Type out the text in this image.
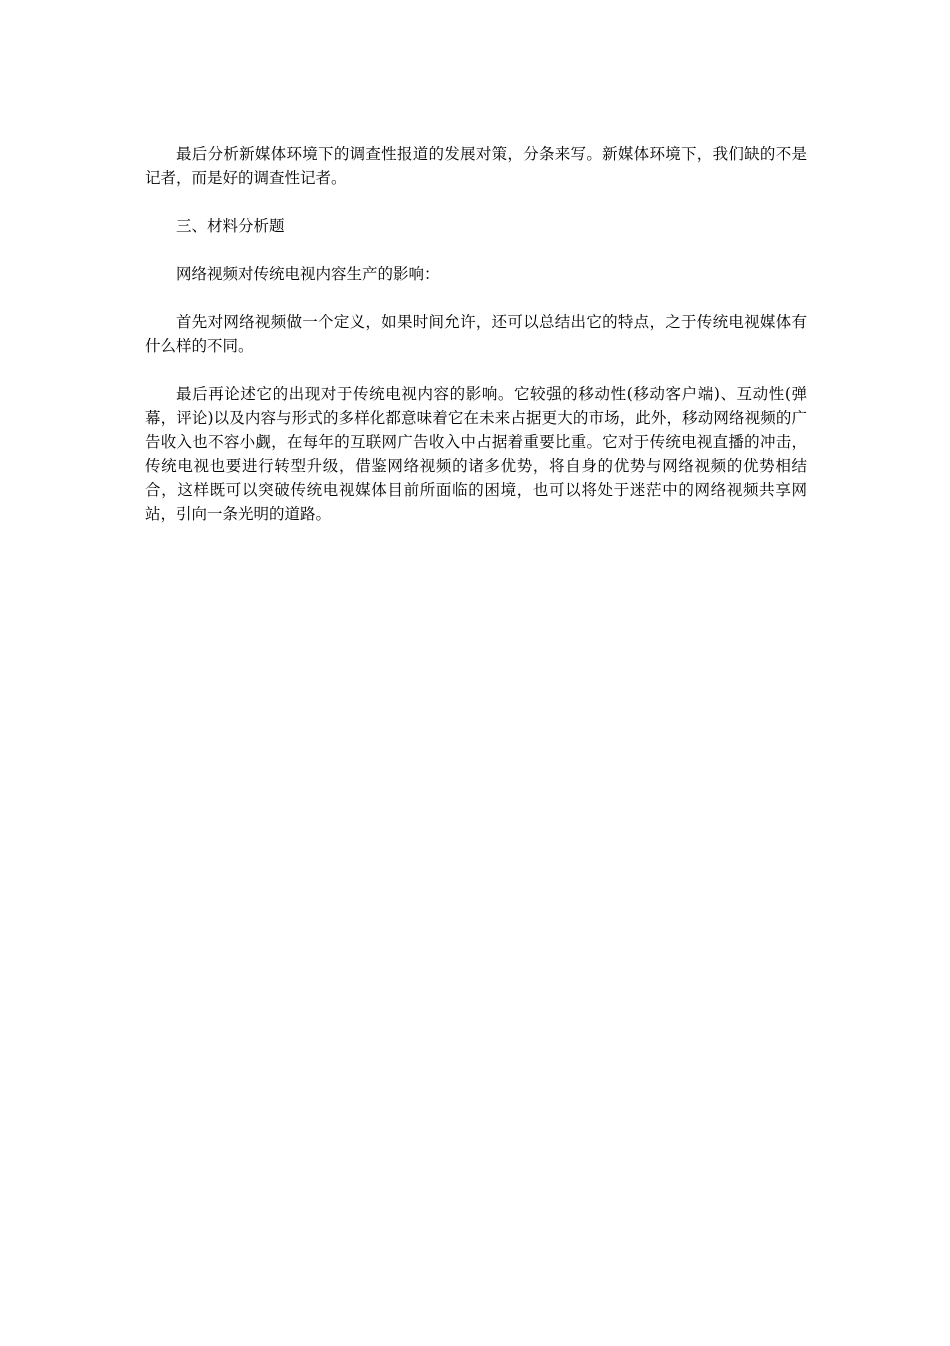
最后分析新媒体环境下的调查性报道的发展对策，分条来写。新媒体环境下，我们缺的不是记者，而是好的调查性记者。

三、材料分析题

网络视频对传统电视内容生产的影响：

首先对网络视频做一个定义，如果时间允许，还可以总结出它的特点，之于传统电视媒体有什么样的不同。

最后再论述它的出现对于传统电视内容的影响。它较强的移动性(移动客户端)、互动性(弹幕，评论)以及内容与形式的多样化都意味着它在未来占据更大的市场，此外，移动网络视频的广告收入也不容小觑，在每年的互联网广告收入中占据着重要比重。它对于传统电视直播的冲击，传统电视也要进行转型升级，借鉴网络视频的诸多优势，将自身的优势与网络视频的优势相结合，这样既可以突破传统电视媒体目前所面临的困境，也可以将处于迷茫中的网络视频共享网站，引向一条光明的道路。
